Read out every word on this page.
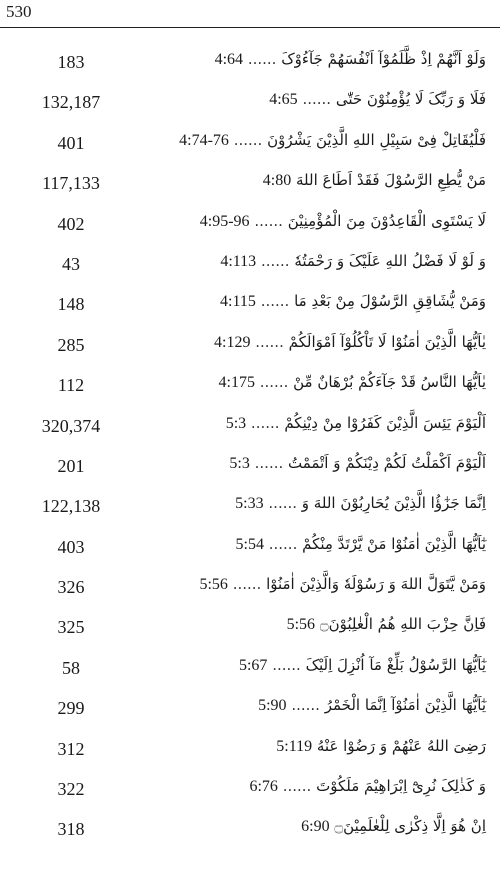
530
183	وَلَوْ اَنَّهُمْ اِذْ ظَّلَمُوْآ اَنْفُسَهُمْ جَآءُوْکَ ...... 4:64
132,187	فَلَا وَ رَبِّکَ لَا یُؤْمِنُوْنَ حَتّٰی ...... 4:65
401	فَلْیُقَاتِلْ فِیْ سَبِیْلِ اللهِ الَّذِیْنَ یَشْرُوْنَ ...... 4:74-76
117,133	مَنْ یُّطِعِ الرَّسُوْلَ فَقَدْ اَطَاعَ اللهَ 4:80
402	لَا یَسْتَوِی الْقَاعِدُوْنَ مِنَ الْمُؤْمِنِیْنَ ...... 4:95-96
43	وَ لَوْ لَا فَضْلُ اللهِ عَلَیْکَ وَ رَحْمَتُهٗ ...... 4:113
148	وَمَنْ یُّشَاقِقِ الرَّسُوْلَ مِنْ بَعْدِ مَا ...... 4:115
285	یٰاَیُّهَا الَّذِیْنَ اٰمَنُوْا لَا تَاْکُلُوْآ اَمْوَالَکُمْ ...... 4:129
112	یٰاَیُّهَا النَّاسُ قَدْ جَآءَکُمْ بُرْهَانٌ مِّنْ ...... 4:175
320,374	اَلْیَوْمَ یَئِسَ الَّذِیْنَ کَفَرُوْا مِنْ دِیْنِکُمْ ...... 5:3
201	اَلْیَوْمَ اَکْمَلْتُ لَکُمْ دِیْنَکُمْ وَ اَتْمَمْتُ ...... 5:3
122,138	اِنَّمَا جَزٰٓؤُا الَّذِیْنَ یُحَارِبُوْنَ اللهَ وَ ...... 5:33
403	یٰٓاَیُّهَا الَّذِیْنَ اٰمَنُوْا مَنْ یَّرْتَدَّ مِنْکُمْ ...... 5:54
326	وَمَنْ یَّتَوَلَّ اللهَ وَ رَسُوْلَهٗ وَالَّذِیْنَ اٰمَنُوْا ...... 5:56
325	فَاِنَّ حِزْبَ اللهِ هُمُ الْغٰلِبُوْنَ۝ 5:56
58	یٰٓاَیُّهَا الرَّسُوْلُ بَلِّغْ مَآ اُنْزِلَ اِلَیْکَ ...... 5:67
299	یٰٓاَیُّهَا الَّذِیْنَ اٰمَنُوْآ اِنَّمَا الْخَمْرُ ...... 5:90
312	رَضِیَ اللهُ عَنْهُمْ وَ رَضُوْا عَنْهُ 5:119
322	وَ کَذٰلِکَ نُرِیْٓ اِبْرَاهِیْمَ مَلَکُوْتَ ...... 6:76
318	اِنْ هُوَ اِلَّا ذِکْرٰی لِلْعٰلَمِیْنَ۝ 6:90
